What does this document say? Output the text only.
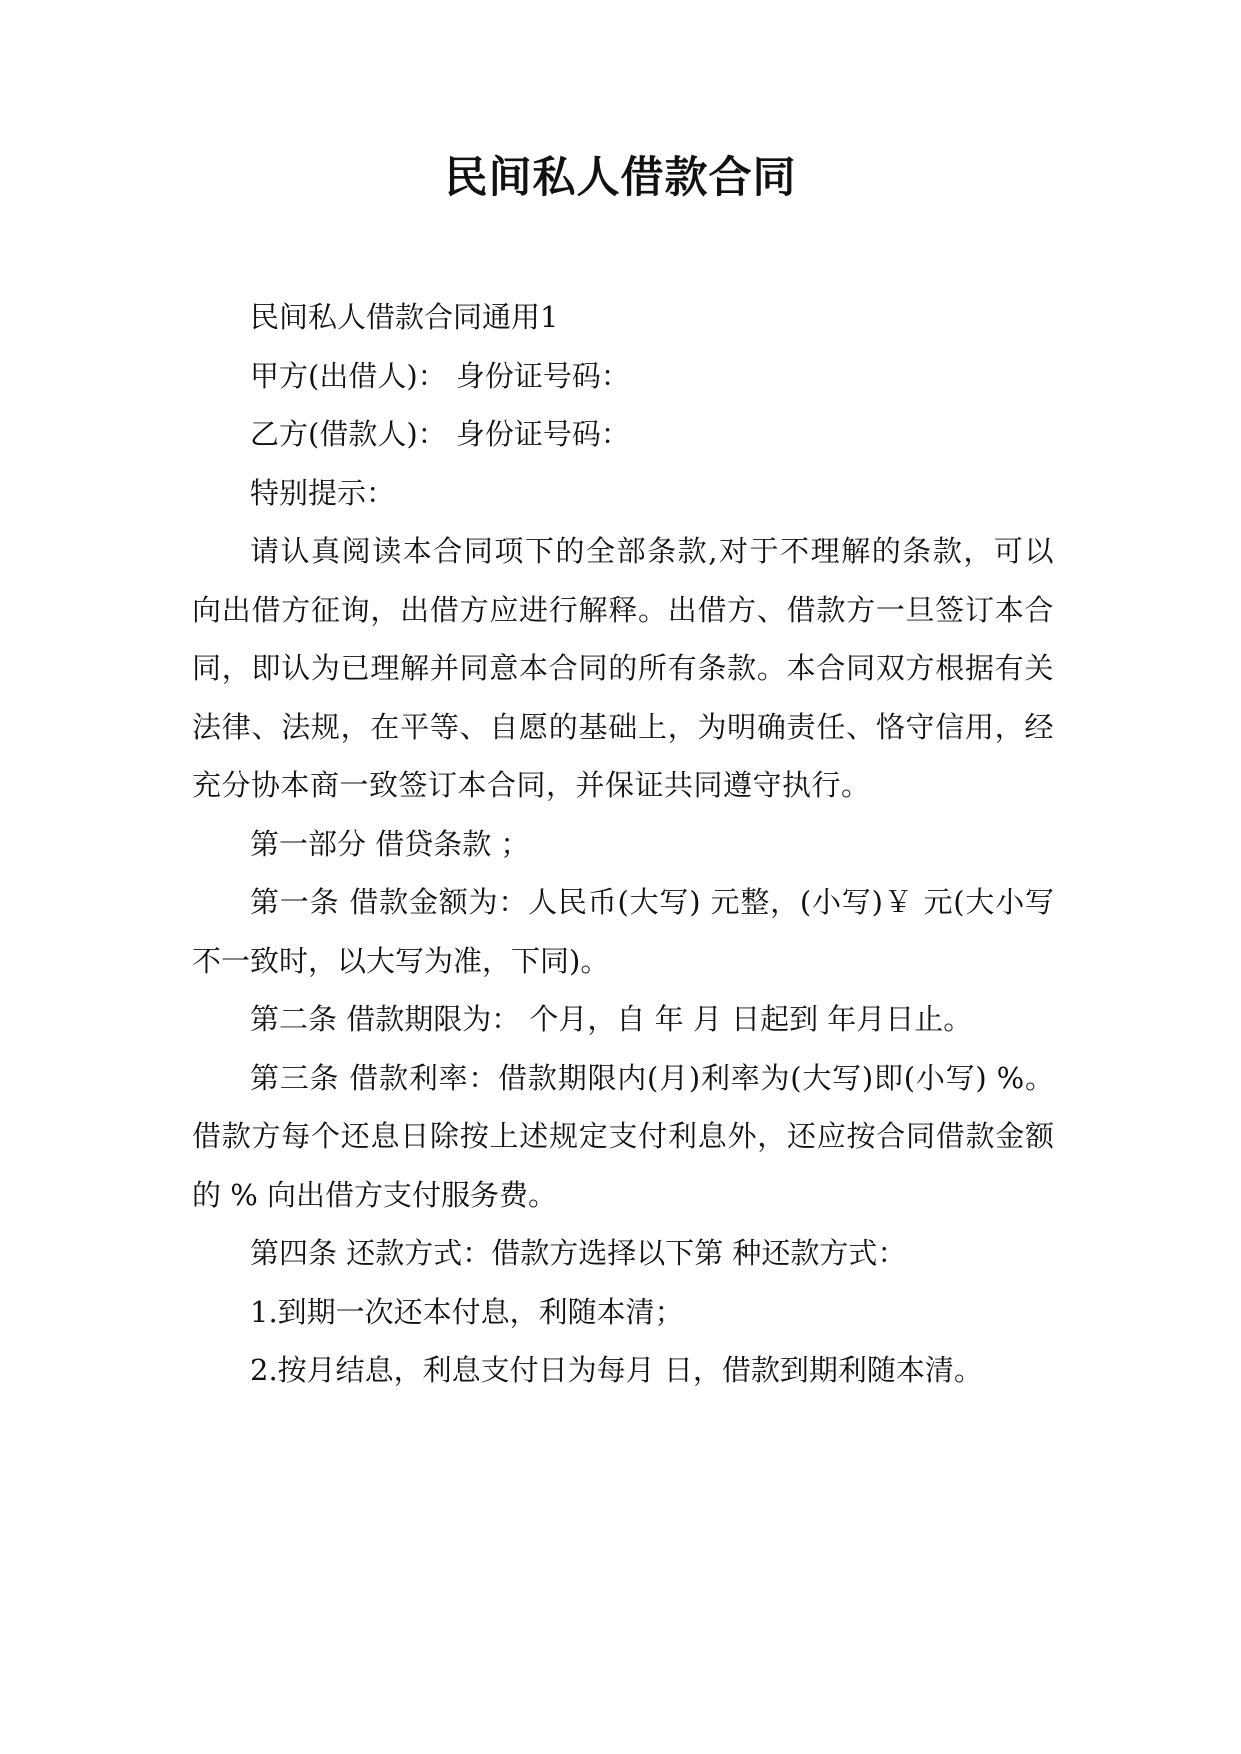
民间私人借款合同

民间私人借款合同通用1

甲方(出借人)： 身份证号码：

乙方(借款人)： 身份证号码：

特别提示：

请认真阅读本合同项下的全部条款,对于不理解的条款，可以向出借方征询，出借方应进行解释。出借方、借款方一旦签订本合同，即认为已理解并同意本合同的所有条款。本合同双方根据有关法律、法规，在平等、自愿的基础上，为明确责任、恪守信用，经充分协本商一致签订本合同，并保证共同遵守执行。

第一部分 借贷条款 ；

第一条 借款金额为：人民币(大写) 元整，(小写)￥ 元(大小写不一致时，以大写为准，下同)。

第二条 借款期限为： 个月，自 年 月 日起到 年月日止。

第三条 借款利率：借款期限内(月)利率为(大写)即(小写) %。 借款方每个还息日除按上述规定支付利息外，还应按合同借款金额的 % 向出借方支付服务费。

第四条 还款方式：借款方选择以下第 种还款方式：

1.到期一次还本付息，利随本清；

2.按月结息，利息支付日为每月 日，借款到期利随本清。
